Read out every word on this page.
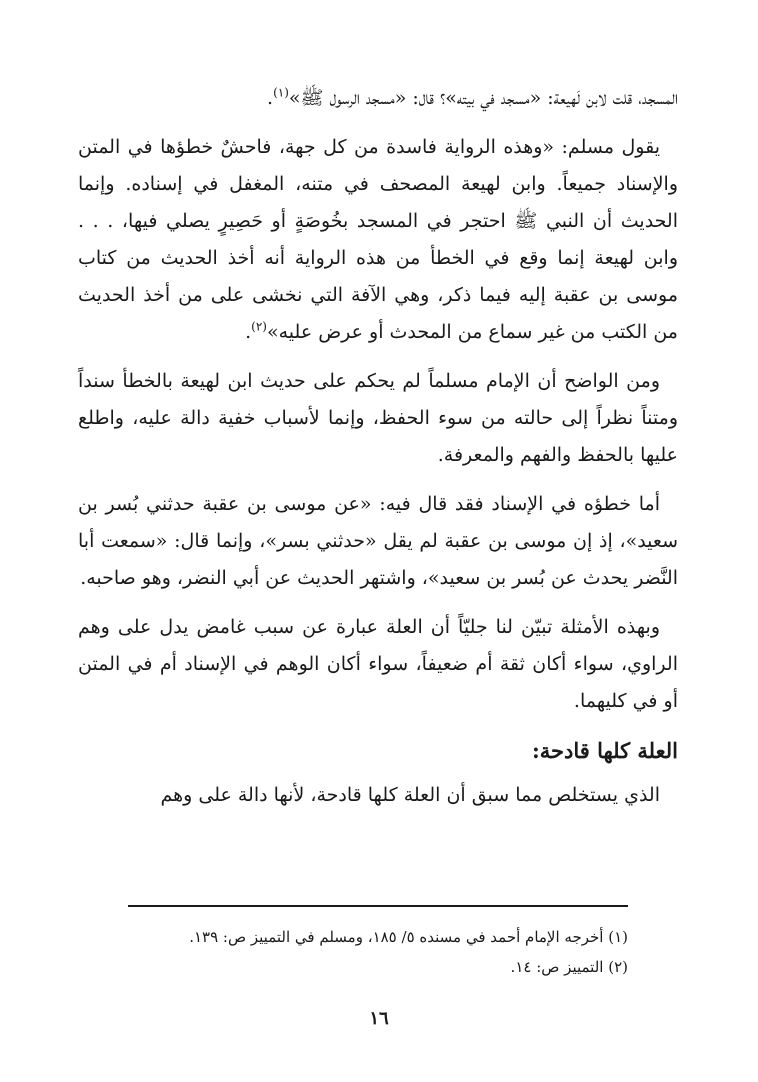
المسجد، قلت لابن لَهيعة: «مسجد في بيته»؟ قال: «مسجد الرسول ﷺ»$^{(١)}$.

يقول مسلم: «وهذه الرواية فاسدة من كل جهة، فاحشٌ خطؤها في المتن والإسناد جميعاً. وابن لهيعة المصحف في متنه، المغفل في إسناده. وإنما الحديث أن النبي ﷺ احتجر في المسجد بخُوصَةٍ أو حَصِيرٍ يصلي فيها، . . . وابن لهيعة إنما وقع في الخطأ من هذه الرواية أنه أخذ الحديث من كتاب موسى بن عقبة إليه فيما ذكر، وهي الآفة التي نخشى على من أخذ الحديث من الكتب من غير سماع من المحدث أو عرض عليه»$^{(٢)}$.

ومن الواضح أن الإمام مسلماً لم يحكم على حديث ابن لهيعة بالخطأ سنداً ومتناً نظراً إلى حالته من سوء الحفظ، وإنما لأسباب خفية دالة عليه، واطلع عليها بالحفظ والفهم والمعرفة.

أما خطؤه في الإسناد فقد قال فيه: «عن موسى بن عقبة حدثني بُسر بن سعيد»، إذ إن موسى بن عقبة لم يقل «حدثني بسر»، وإنما قال: «سمعت أبا النَّضر يحدث عن بُسر بن سعيد»، واشتهر الحديث عن أبي النضر، وهو صاحبه.

وبهذه الأمثلة تبيّن لنا جليّاً أن العلة عبارة عن سبب غامض يدل على وهم الراوي، سواء أكان ثقة أم ضعيفاً، سواء أكان الوهم في الإسناد أم في المتن أو في كليهما.

العلة كلها قادحة:

الذي يستخلص مما سبق أن العلة كلها قادحة، لأنها دالة على وهم

(١) أخرجه الإمام أحمد في مسنده ٥/ ١٨٥، ومسلم في التمييز ص: ١٣٩.
(٢) التمييز ص: ١٤.
١٦
